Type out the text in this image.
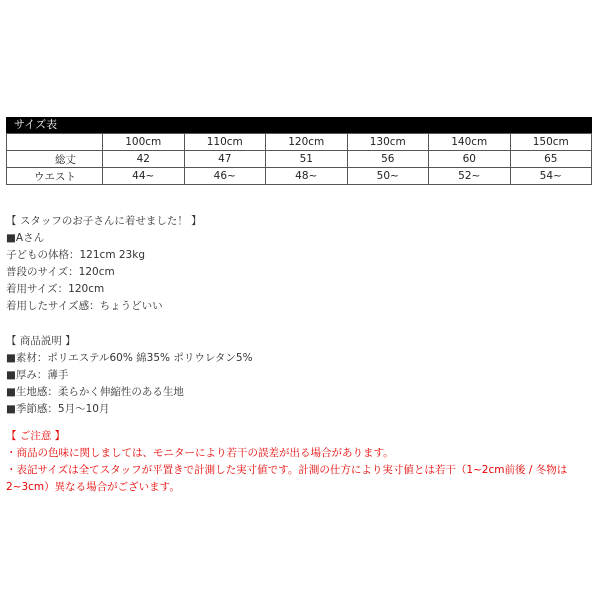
サイズ表
	100cm	110cm	120cm	130cm	140cm	150cm
総丈	42	47	51	56	60	65
ウエスト	44~	46~	48~	50~	52~	54~
【 スタッフのお子さんに着せました！ 】
■Aさん
子どもの体格：121cm 23kg
普段のサイズ：120cm
着用サイズ：120cm
着用したサイズ感：ちょうどいい
【 商品説明 】
■素材：ポリエステル60% 綿35% ポリウレタン5%
■厚み：薄手
■生地感：柔らかく伸縮性のある生地
■季節感：5月～10月
【 ご注意 】
・商品の色味に関しましては、モニターにより若干の誤差が出る場合があります。
・表記サイズは全てスタッフが平置きで計測した実寸値です。計測の仕方により実寸値とは若干（1~2cm前後 / 冬物は2~3cm）異なる場合がございます。
